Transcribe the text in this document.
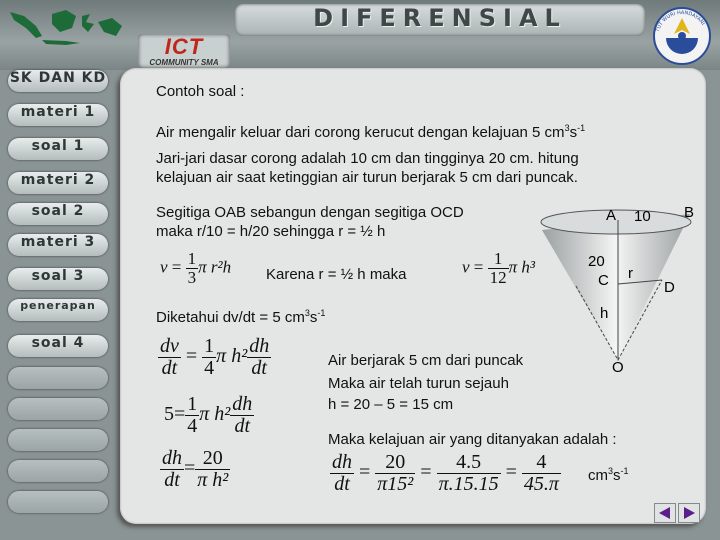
ICT
COMMUNITY SMA
DIFERENSIAL	TUT WURI HANDAYANI
SK DAN KD
materi 1
soal 1
materi 2
soal 2
materi 3
soal 3
penerapan
soal 4
Contoh soal :
Air mengalir keluar dari corong kerucut dengan kelajuan 5 $cm^3s^{-1}$
Jari-jari dasar corong adalah 10 cm dan tingginya 20 cm. hitung
kelajuan air saat ketinggian air turun berjarak 5 cm dari puncak.
Segitiga OAB sebangun dengan segitiga OCD
maka r/10 = h/20 sehingga r = ½ h
$v = \frac{1}{3}$ π r²h Karena r = ½ h maka	$v = \frac{1}{12}$ π h³
Diketahui dv/dt = 5 $cm^3s^{-1}$
$\frac{dv}{dt} = \frac{1}{4}$ π $h^2 \frac{dh}{dt}$
$5= \frac{1}{4}$ π $h^2 \frac{dh}{dt}$
$\frac{dh}{dt} = \frac{20}{\text{π h²}}$
Air berjarak 5 cm dari puncak
Maka air telah turun sejauh
h = 20 – 5 = 15 cm
Maka kelajuan air yang ditanyakan adalah :
$\frac{dh}{dt} = \frac{20}{\text{π15²}} = \frac{4.5}{\pi.15.15} = \frac{4}{45.\pi} cm^3s^{-1}$
A 10 B
20
C r
D
h
O
